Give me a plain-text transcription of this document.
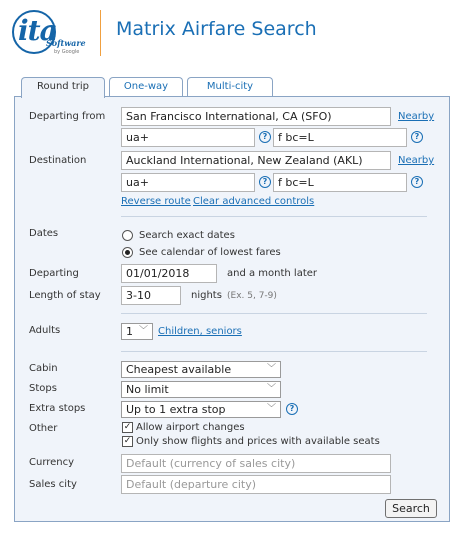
ita
Software
by Google
Matrix Airfare Search
Round trip	One-way	Multi-city
Departing from	San Francisco International, CA (SFO)	Nearby
ua+	? f bc=L	?
Destination	Auckland International, New Zealand (AKL)	Nearby
ua+	? f bc=L	?
Reverse route Clear advanced controls
Dates	Search exact dates
See calendar of lowest fares
Departing	01/01/2018	and a month later
Length of stay	3-10	nights (Ex. 5, 7-9)
Adults	1 ﹀ Children, seniors
Cabin	Cheapest available	﹀
Stops	No limit	﹀
Extra stops	Up to 1 extra stop	﹀	?
Other	✓ Allow airport changes
✓ Only show flights and prices with available seats
Currency	Default (currency of sales city)
Sales city	Default (departure city)
Search
